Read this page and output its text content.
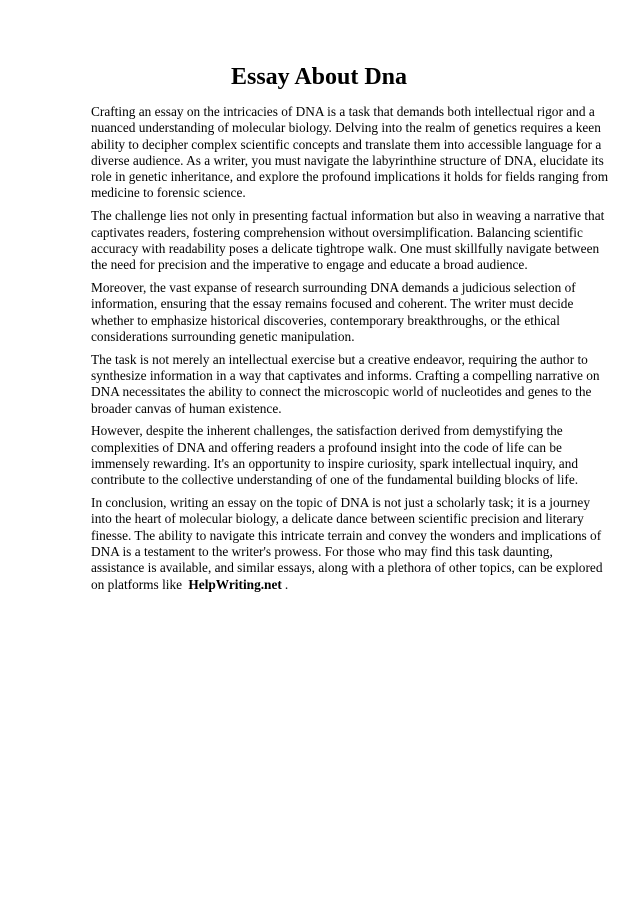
Essay About Dna

Crafting an essay on the intricacies of DNA is a task that demands both intellectual rigor and a
nuanced understanding of molecular biology. Delving into the realm of genetics requires a keen
ability to decipher complex scientific concepts and translate them into accessible language for a
diverse audience. As a writer, you must navigate the labyrinthine structure of DNA, elucidate its
role in genetic inheritance, and explore the profound implications it holds for fields ranging from
medicine to forensic science.

The challenge lies not only in presenting factual information but also in weaving a narrative that
captivates readers, fostering comprehension without oversimplification. Balancing scientific
accuracy with readability poses a delicate tightrope walk. One must skillfully navigate between
the need for precision and the imperative to engage and educate a broad audience.

Moreover, the vast expanse of research surrounding DNA demands a judicious selection of
information, ensuring that the essay remains focused and coherent. The writer must decide
whether to emphasize historical discoveries, contemporary breakthroughs, or the ethical
considerations surrounding genetic manipulation.

The task is not merely an intellectual exercise but a creative endeavor, requiring the author to
synthesize information in a way that captivates and informs. Crafting a compelling narrative on
DNA necessitates the ability to connect the microscopic world of nucleotides and genes to the
broader canvas of human existence.

However, despite the inherent challenges, the satisfaction derived from demystifying the
complexities of DNA and offering readers a profound insight into the code of life can be
immensely rewarding. It's an opportunity to inspire curiosity, spark intellectual inquiry, and
contribute to the collective understanding of one of the fundamental building blocks of life.

In conclusion, writing an essay on the topic of DNA is not just a scholarly task; it is a journey
into the heart of molecular biology, a delicate dance between scientific precision and literary
finesse. The ability to navigate this intricate terrain and convey the wonders and implications of
DNA is a testament to the writer's prowess. For those who may find this task daunting,
assistance is available, and similar essays, along with a plethora of other topics, can be explored
on platforms like HelpWriting.net .
